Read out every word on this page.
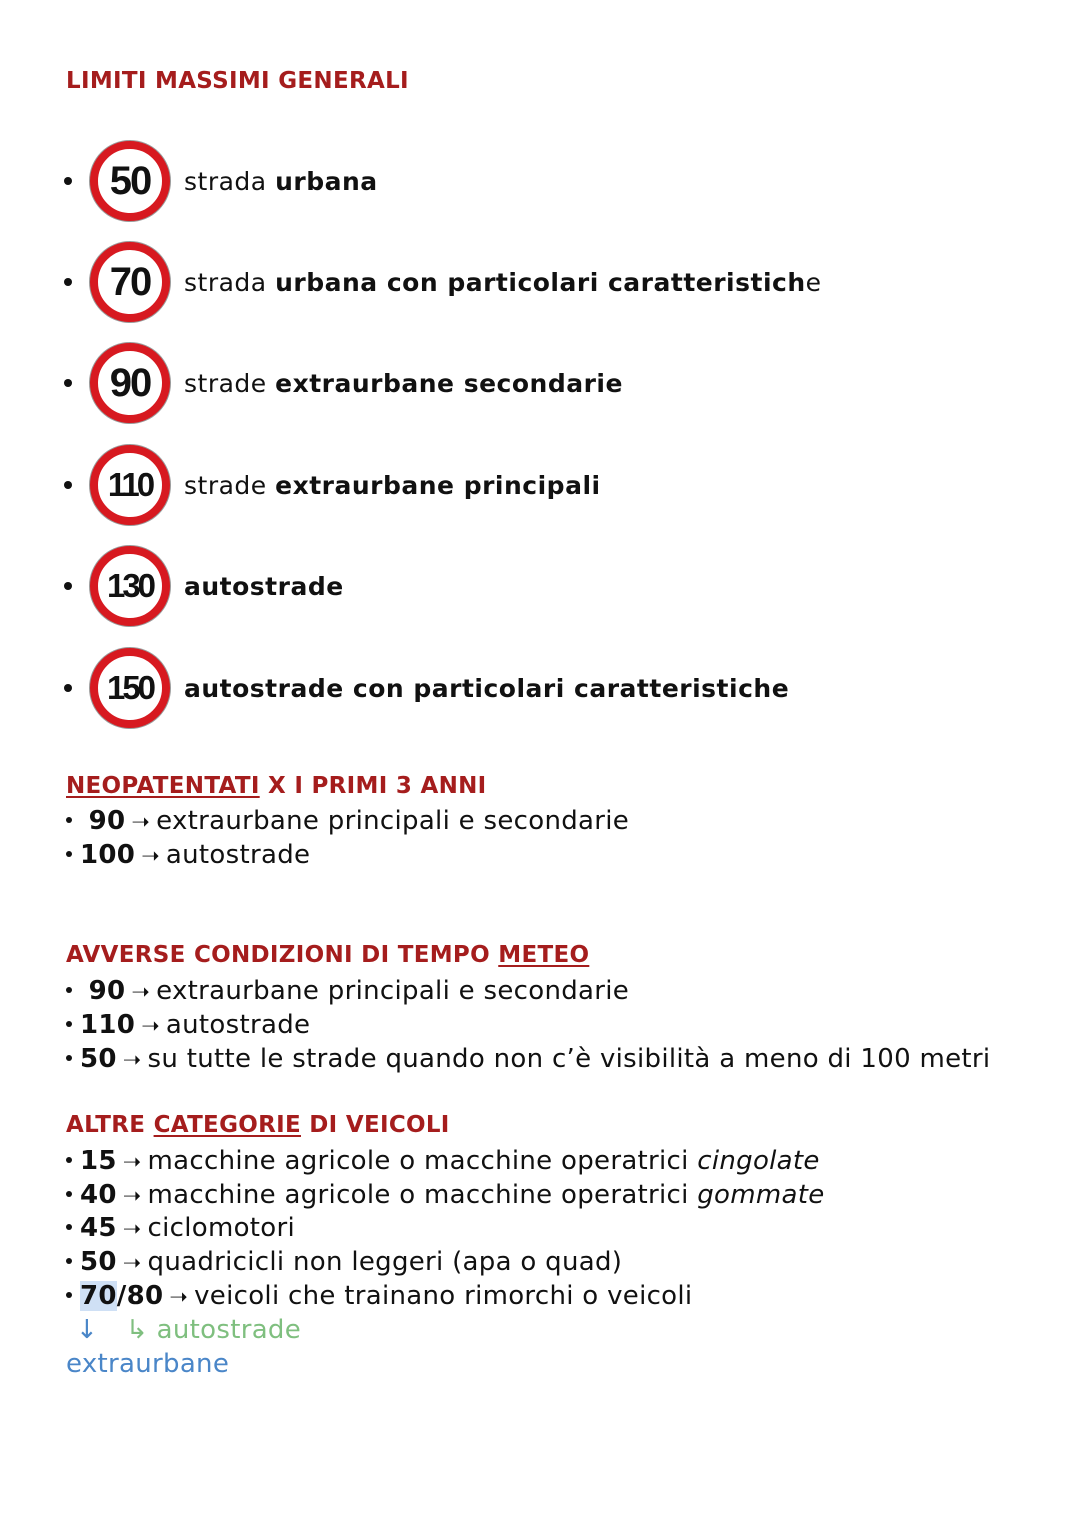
LIMITI MASSIMI GENERALI
50	strada urbana
70	strada urbana con particolari caratteristiche
90	strade extraurbane secondarie
110	strade extraurbane principali
130	autostrade
150	autostrade con particolari caratteristiche
NEOPATENTATI X I PRIMI 3 ANNI
90 ➝ extraurbane principali e secondarie
100 ➝ autostrade
AVVERSE CONDIZIONI DI TEMPO METEO
90 ➝ extraurbane principali e secondarie
110 ➝ autostrade
50 ➝ su tutte le strade quando non c’è visibilità a meno di 100 metri
ALTRE CATEGORIE DI VEICOLI
15 ➝ macchine agricole o macchine operatrici cingolate
40 ➝ macchine agricole o macchine operatrici gommate
45 ➝ ciclomotori
50 ➝ quadricicli non leggeri (apa o quad)
70/80 ➝ veicoli che trainano rimorchi o veicoli
↓ ↳ autostrade
extraurbane
